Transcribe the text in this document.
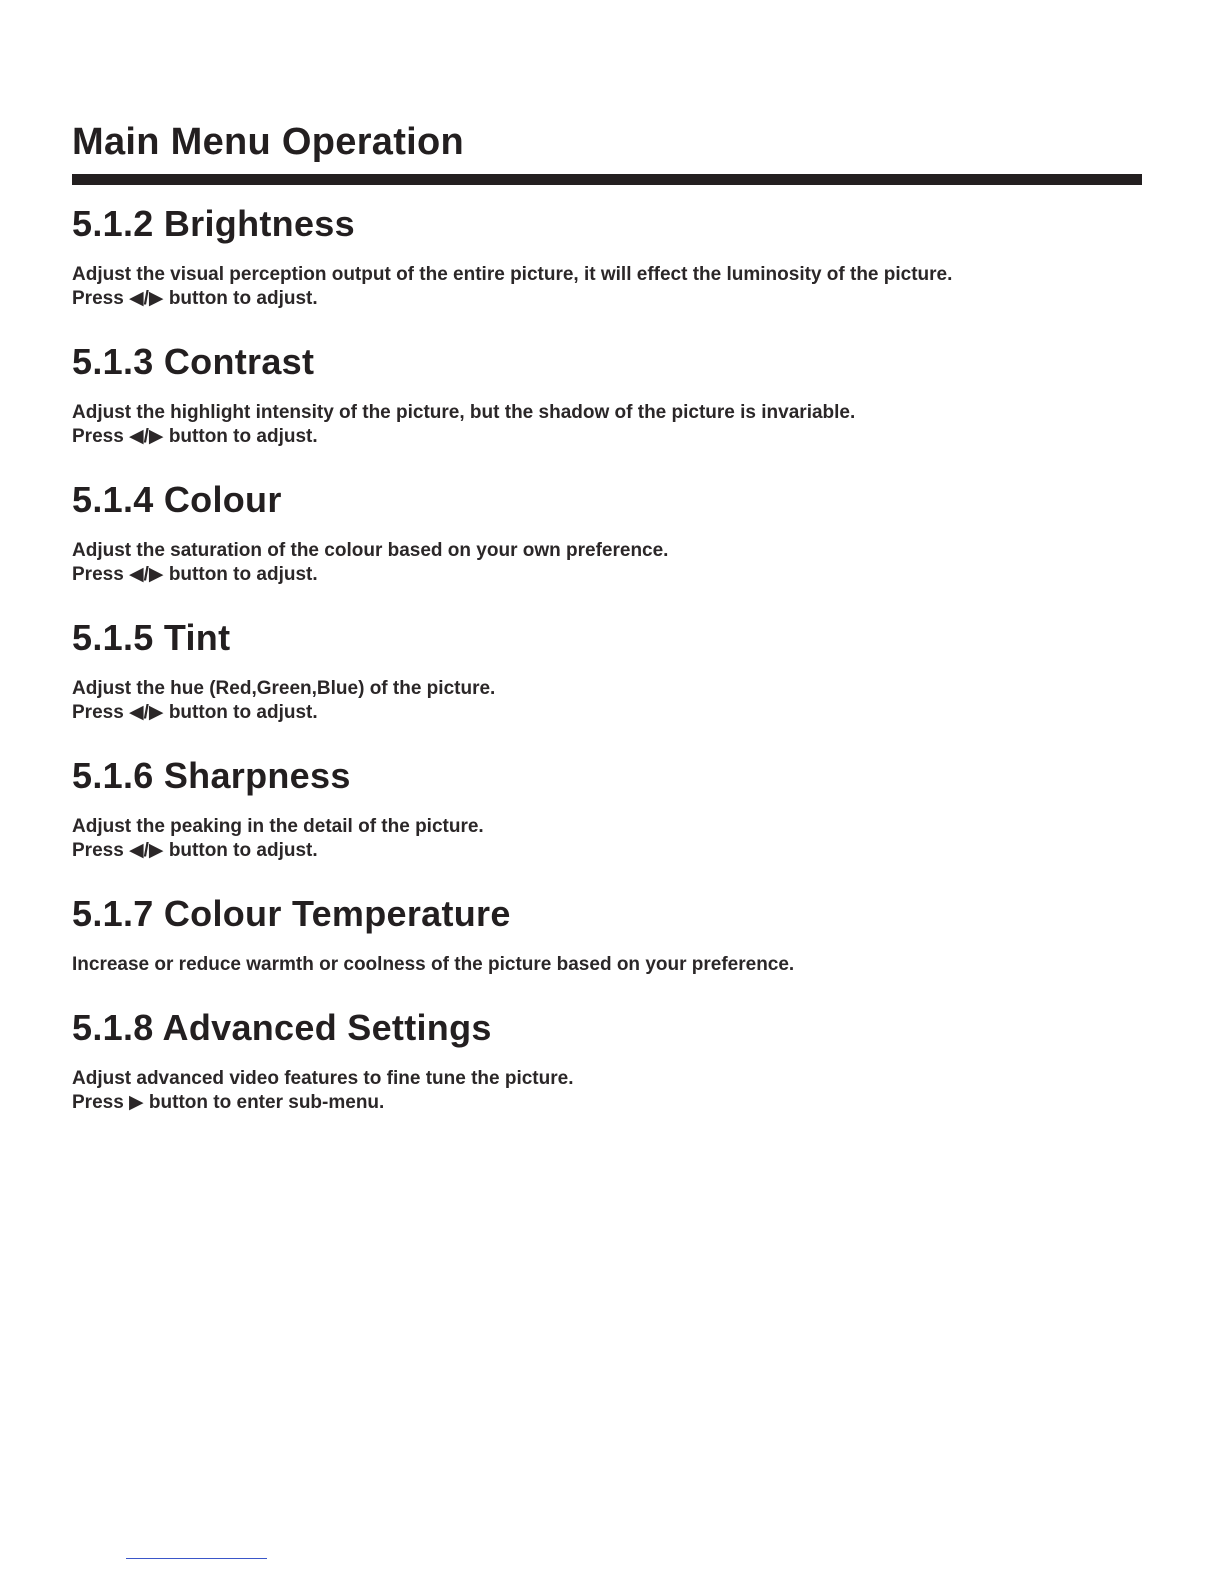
Main Menu Operation
5.1.2 Brightness

Adjust the visual perception output of the entire picture, it will effect the luminosity of the picture.
Press ◀/▶ button to adjust.

5.1.3 Contrast

Adjust the highlight intensity of the picture, but the shadow of the picture is invariable.
Press ◀/▶ button to adjust.

5.1.4 Colour

Adjust the saturation of the colour based on your own preference.
Press ◀/▶ button to adjust.

5.1.5 Tint

Adjust the hue (Red,Green,Blue) of the picture.
Press ◀/▶ button to adjust.

5.1.6 Sharpness

Adjust the peaking in the detail of the picture.
Press ◀/▶ button to adjust.

5.1.7 Colour Temperature

Increase or reduce warmth or coolness of the picture based on your preference.

5.1.8 Advanced Settings

Adjust advanced video features to fine tune the picture.
Press ▶ button to enter sub-menu.
